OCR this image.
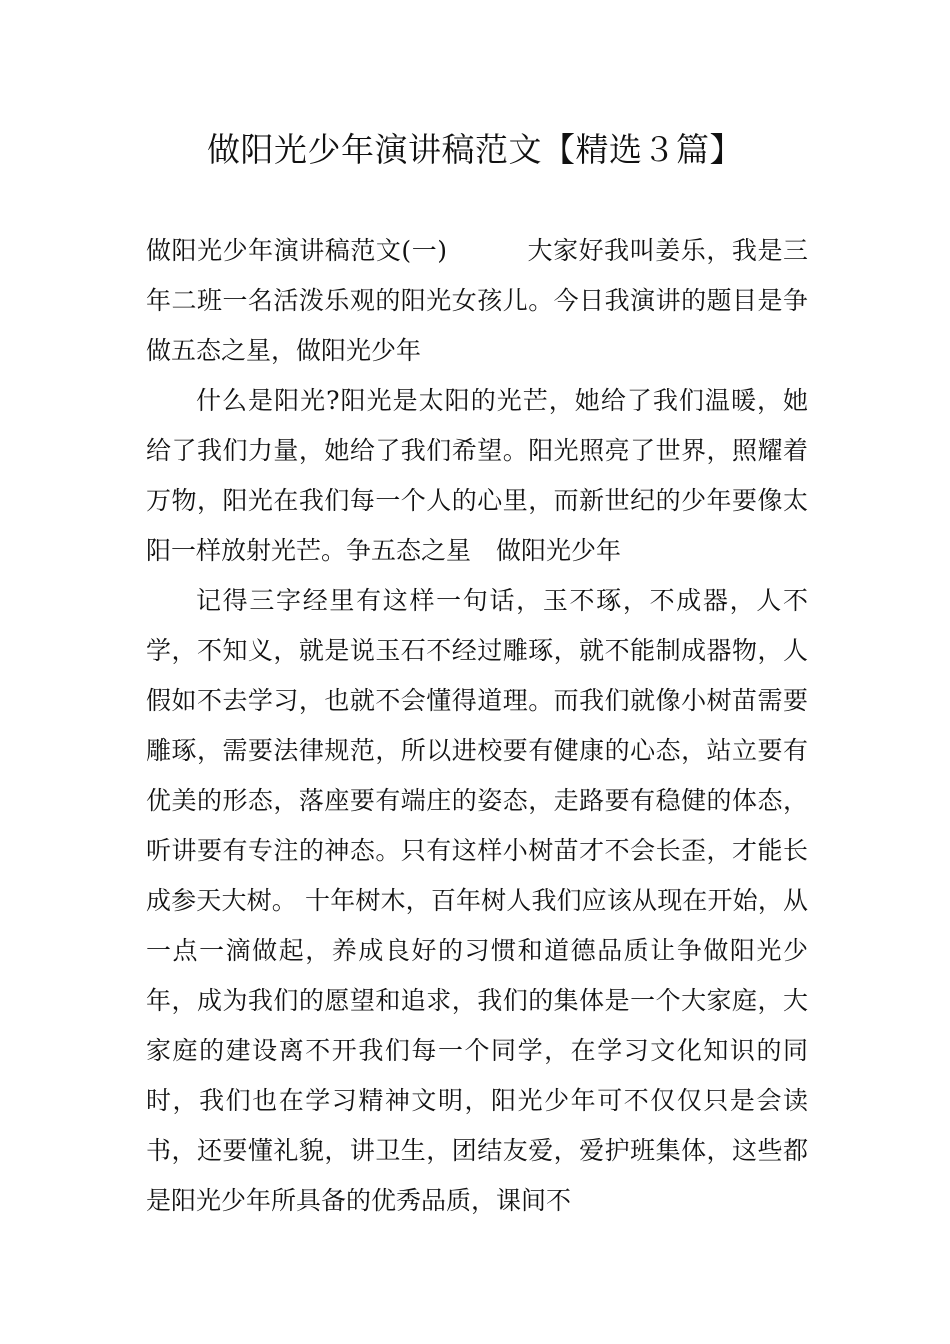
做阳光少年演讲稿范文【精选３篇】

做阳光少年演讲稿范文(一)	大家好我叫姜乐，我是三年二班一名活泼乐观的阳光女孩儿。今日我演讲的题目是争做五态之星，做阳光少年

什么是阳光?阳光是太阳的光芒，她给了我们温暖，她给了我们力量，她给了我们希望。阳光照亮了世界，照耀着万物，阳光在我们每一个人的心里，而新世纪的少年要像太阳一样放射光芒。争五态之星　做阳光少年

记得三字经里有这样一句话，玉不琢，不成器，人不学，不知义，就是说玉石不经过雕琢，就不能制成器物，人假如不去学习，也就不会懂得道理。而我们就像小树苗需要雕琢，需要法律规范，所以进校要有健康的心态，站立要有优美的形态，落座要有端庄的姿态，走路要有稳健的体态，听讲要有专注的神态。只有这样小树苗才不会长歪，才能长成参天大树。 十年树木，百年树人我们应该从现在开始，从一点一滴做起，养成良好的习惯和道德品质让争做阳光少年，成为我们的愿望和追求，我们的集体是一个大家庭，大家庭的建设离不开我们每一个同学，在学习文化知识的同时，我们也在学习精神文明，阳光少年可不仅仅只是会读书，还要懂礼貌，讲卫生，团结友爱，爱护班集体，这些都是阳光少年所具备的优秀品质，课间不
